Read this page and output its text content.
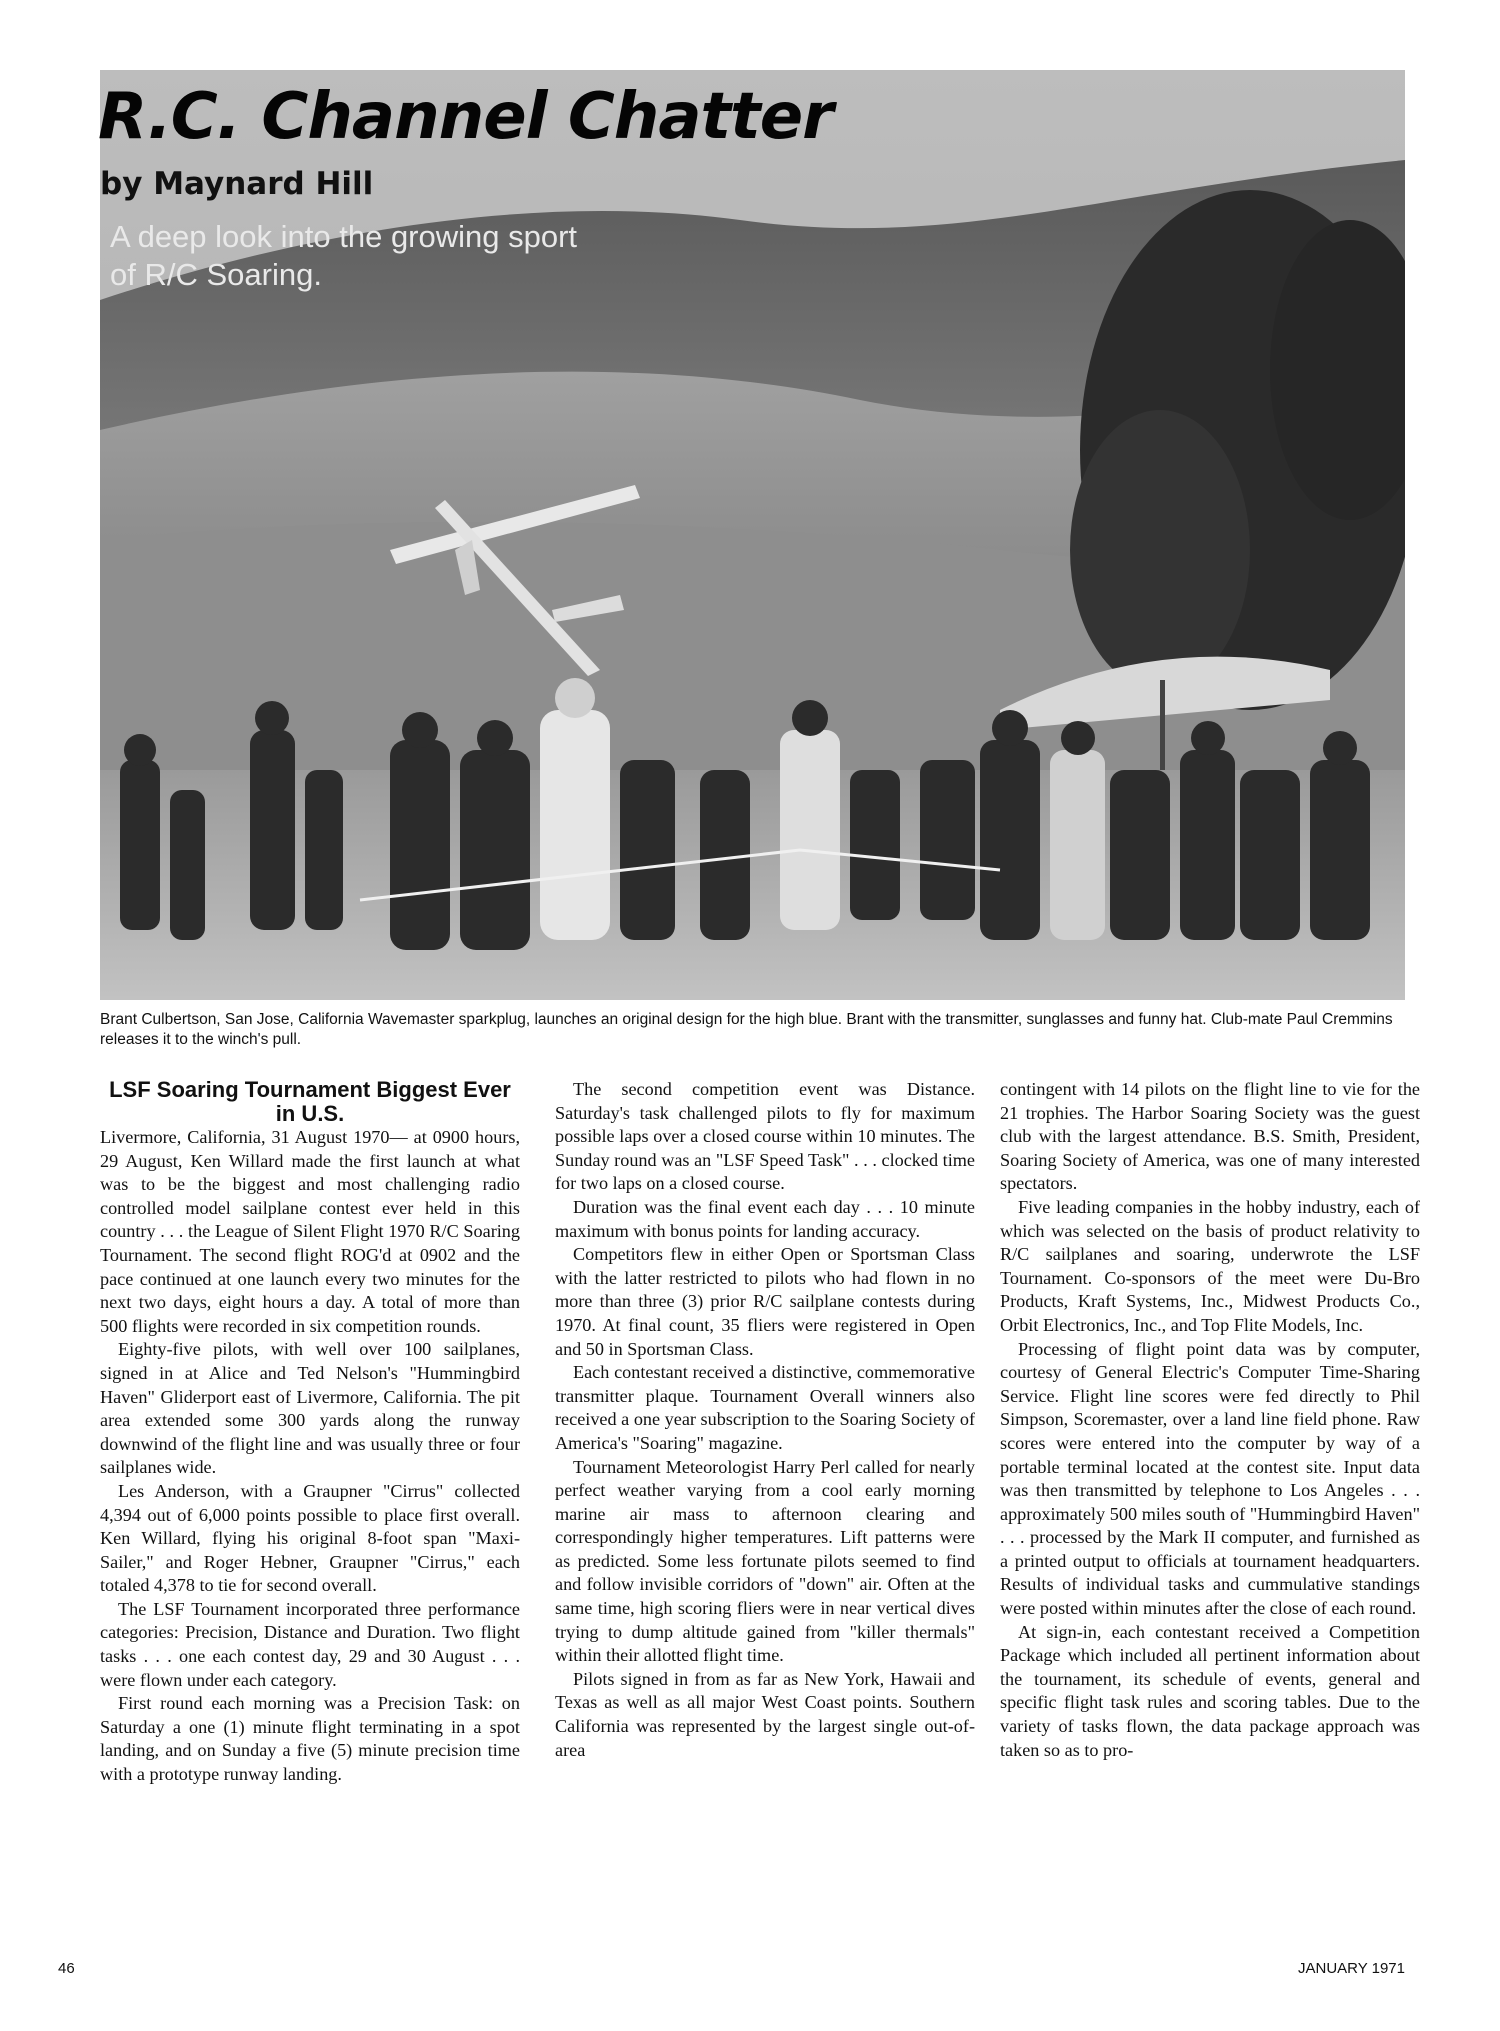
R.C. Channel Chatter

by Maynard Hill

A deep look into the growing sport of R/C Soaring.

Brant Culbertson, San Jose, California Wavemaster sparkplug, launches an original design for the high blue. Brant with the transmitter, sunglasses and funny hat. Club-mate Paul Cremmins releases it to the winch's pull.

LSF Soaring Tournament Biggest Ever in U.S.

Livermore, California, 31 August 1970— at 0900 hours, 29 August, Ken Willard made the first launch at what was to be the biggest and most challenging radio controlled model sailplane contest ever held in this country . . . the League of Silent Flight 1970 R/C Soaring Tournament. The second flight ROG'd at 0902 and the pace continued at one launch every two minutes for the next two days, eight hours a day. A total of more than 500 flights were recorded in six competition rounds.

Eighty-five pilots, with well over 100 sailplanes, signed in at Alice and Ted Nelson's "Hummingbird Haven" Gliderport east of Livermore, California. The pit area extended some 300 yards along the runway downwind of the flight line and was usually three or four sailplanes wide.

Les Anderson, with a Graupner "Cirrus" collected 4,394 out of 6,000 points possible to place first overall. Ken Willard, flying his original 8-foot span "Maxi-Sailer," and Roger Hebner, Graupner "Cirrus," each totaled 4,378 to tie for second overall.

The LSF Tournament incorporated three performance categories: Precision, Distance and Duration. Two flight tasks . . . one each contest day, 29 and 30 August . . . were flown under each category.

First round each morning was a Precision Task: on Saturday a one (1) minute flight terminating in a spot landing, and on Sunday a five (5) minute precision time with a prototype runway landing.

The second competition event was Distance. Saturday's task challenged pilots to fly for maximum possible laps over a closed course within 10 minutes. The Sunday round was an "LSF Speed Task" . . . clocked time for two laps on a closed course.

Duration was the final event each day . . . 10 minute maximum with bonus points for landing accuracy.

Competitors flew in either Open or Sportsman Class with the latter restricted to pilots who had flown in no more than three (3) prior R/C sailplane contests during 1970. At final count, 35 fliers were registered in Open and 50 in Sportsman Class.

Each contestant received a distinctive, commemorative transmitter plaque. Tournament Overall winners also received a one year subscription to the Soaring Society of America's "Soaring" magazine.

Tournament Meteorologist Harry Perl called for nearly perfect weather varying from a cool early morning marine air mass to afternoon clearing and correspondingly higher temperatures. Lift patterns were as predicted. Some less fortunate pilots seemed to find and follow invisible corridors of "down" air. Often at the same time, high scoring fliers were in near vertical dives trying to dump altitude gained from "killer thermals" within their allotted flight time.

Pilots signed in from as far as New York, Hawaii and Texas as well as all major West Coast points. Southern California was represented by the largest single out-of-area

contingent with 14 pilots on the flight line to vie for the 21 trophies. The Harbor Soaring Society was the guest club with the largest attendance. B.S. Smith, President, Soaring Society of America, was one of many interested spectators.

Five leading companies in the hobby industry, each of which was selected on the basis of product relativity to R/C sailplanes and soaring, underwrote the LSF Tournament. Co-sponsors of the meet were Du-Bro Products, Kraft Systems, Inc., Midwest Products Co., Orbit Electronics, Inc., and Top Flite Models, Inc.

Processing of flight point data was by computer, courtesy of General Electric's Computer Time-Sharing Service. Flight line scores were fed directly to Phil Simpson, Scoremaster, over a land line field phone. Raw scores were entered into the computer by way of a portable terminal located at the contest site. Input data was then transmitted by telephone to Los Angeles . . . approximately 500 miles south of "Hummingbird Haven" . . . processed by the Mark II computer, and furnished as a printed output to officials at tournament headquarters. Results of individual tasks and cummulative standings were posted within minutes after the close of each round.

At sign-in, each contestant received a Competition Package which included all pertinent information about the tournament, its schedule of events, general and specific flight task rules and scoring tables. Due to the variety of tasks flown, the data package approach was taken so as to pro-

46	JANUARY 1971
